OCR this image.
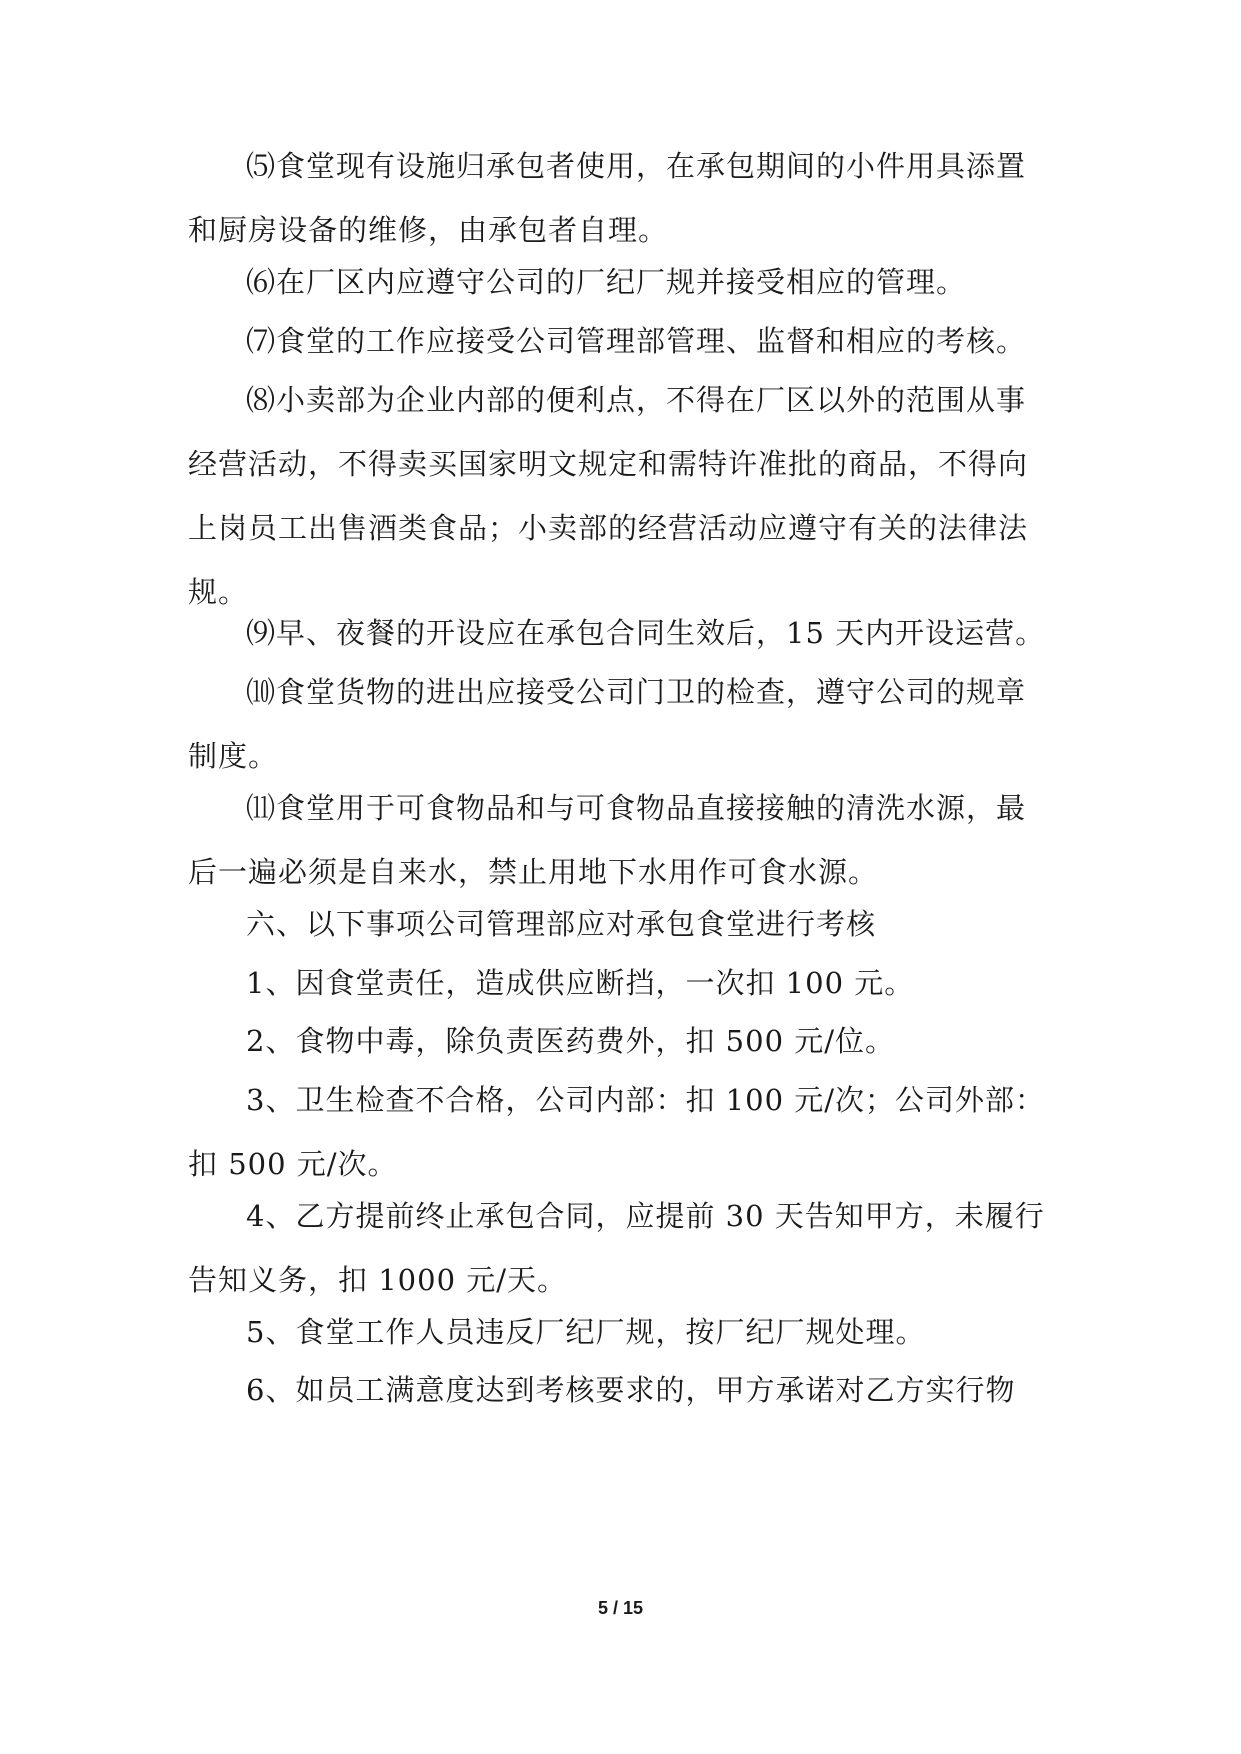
⑸食堂现有设施归承包者使用，在承包期间的小件用具添置
和厨房设备的维修，由承包者自理。
⑹在厂区内应遵守公司的厂纪厂规并接受相应的管理。
⑺食堂的工作应接受公司管理部管理、监督和相应的考核。
⑻小卖部为企业内部的便利点，不得在厂区以外的范围从事
经营活动，不得卖买国家明文规定和需特许准批的商品，不得向
上岗员工出售酒类食品；小卖部的经营活动应遵守有关的法律法
规。
⑼早、夜餐的开设应在承包合同生效后，15 天内开设运营。
⑽食堂货物的进出应接受公司门卫的检查，遵守公司的规章
制度。
⑾食堂用于可食物品和与可食物品直接接触的清洗水源，最
后一遍必须是自来水，禁止用地下水用作可食水源。
六、以下事项公司管理部应对承包食堂进行考核
1、因食堂责任，造成供应断挡，一次扣 100 元。
2、食物中毒，除负责医药费外，扣 500 元/位。
3、卫生检查不合格，公司内部：扣 100 元/次；公司外部：
扣 500 元/次。
4、乙方提前终止承包合同，应提前 30 天告知甲方，未履行
告知义务，扣 1000 元/天。
5、食堂工作人员违反厂纪厂规，按厂纪厂规处理。
6、如员工满意度达到考核要求的，甲方承诺对乙方实行物
5 / 15
